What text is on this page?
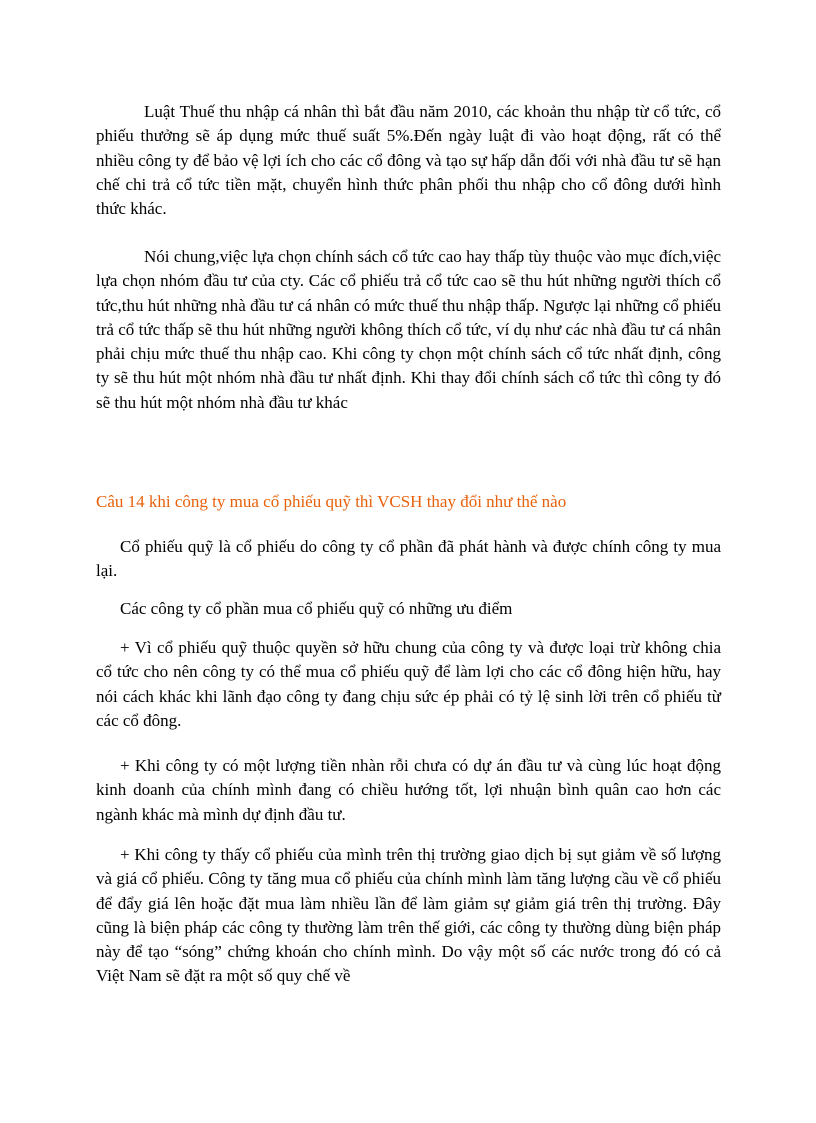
Luật Thuế thu nhập cá nhân thì bắt đầu năm 2010, các khoản thu nhập từ cổ tức, cổ phiếu thưởng sẽ áp dụng mức thuế suất 5%.Đến ngày luật đi vào hoạt động, rất có thể nhiều công ty để bảo vệ lợi ích cho các cổ đông và tạo sự hấp dẫn đối với nhà đầu tư sẽ hạn chế chi trả cổ tức tiền mặt, chuyển hình thức phân phối thu nhập cho cổ đông dưới hình thức khác.

Nói chung,việc lựa chọn chính sách cổ tức cao hay thấp tùy thuộc vào mục đích,việc lựa chọn nhóm đầu tư của cty. Các cổ phiếu trả cổ tức cao sẽ thu hút những người thích cổ tức,thu hút những nhà đầu tư cá nhân có mức thuế thu nhập thấp. Ngược lại những cổ phiếu trả cổ tức thấp sẽ thu hút những người không thích cổ tức, ví dụ như các nhà đầu tư cá nhân phải chịu mức thuế thu nhập cao. Khi công ty chọn một chính sách cổ tức nhất định, công ty sẽ thu hút một nhóm nhà đầu tư nhất định. Khi thay đổi chính sách cổ tức thì công ty đó sẽ thu hút một nhóm nhà đầu tư khác

Câu 14 khi công ty mua cổ phiếu quỹ thì VCSH thay đổi như thế nào

Cổ phiếu quỹ là cổ phiếu do công ty cổ phần đã phát hành và được chính công ty mua lại.

Các công ty cổ phần mua cổ phiếu quỹ có những ưu điểm

+ Vì cổ phiếu quỹ thuộc quyền sở hữu chung của công ty và được loại trừ không chia cổ tức cho nên công ty có thể mua cổ phiếu quỹ để làm lợi cho các cổ đông hiện hữu, hay nói cách khác khi lãnh đạo công ty đang chịu sức ép phải có tỷ lệ sinh lời trên cổ phiếu từ các cổ đông.

+ Khi công ty có một lượng tiền nhàn rỗi chưa có dự án đầu tư và cùng lúc hoạt động kinh doanh của chính mình đang có chiều hướng tốt, lợi nhuận bình quân cao hơn các ngành khác mà mình dự định đầu tư.

+ Khi công ty thấy cổ phiếu của mình trên thị trường giao dịch bị sụt giảm về số lượng và giá cổ phiếu. Công ty tăng mua cổ phiếu của chính mình làm tăng lượng cầu về cổ phiếu để đẩy giá lên hoặc đặt mua làm nhiều lần để làm giảm sự giảm giá trên thị trường. Đây cũng là biện pháp các công ty thường làm trên thế giới, các công ty thường dùng biện pháp này để tạo “sóng” chứng khoán cho chính mình. Do vậy một số các nước trong đó có cả Việt Nam sẽ đặt ra một số quy chế về
